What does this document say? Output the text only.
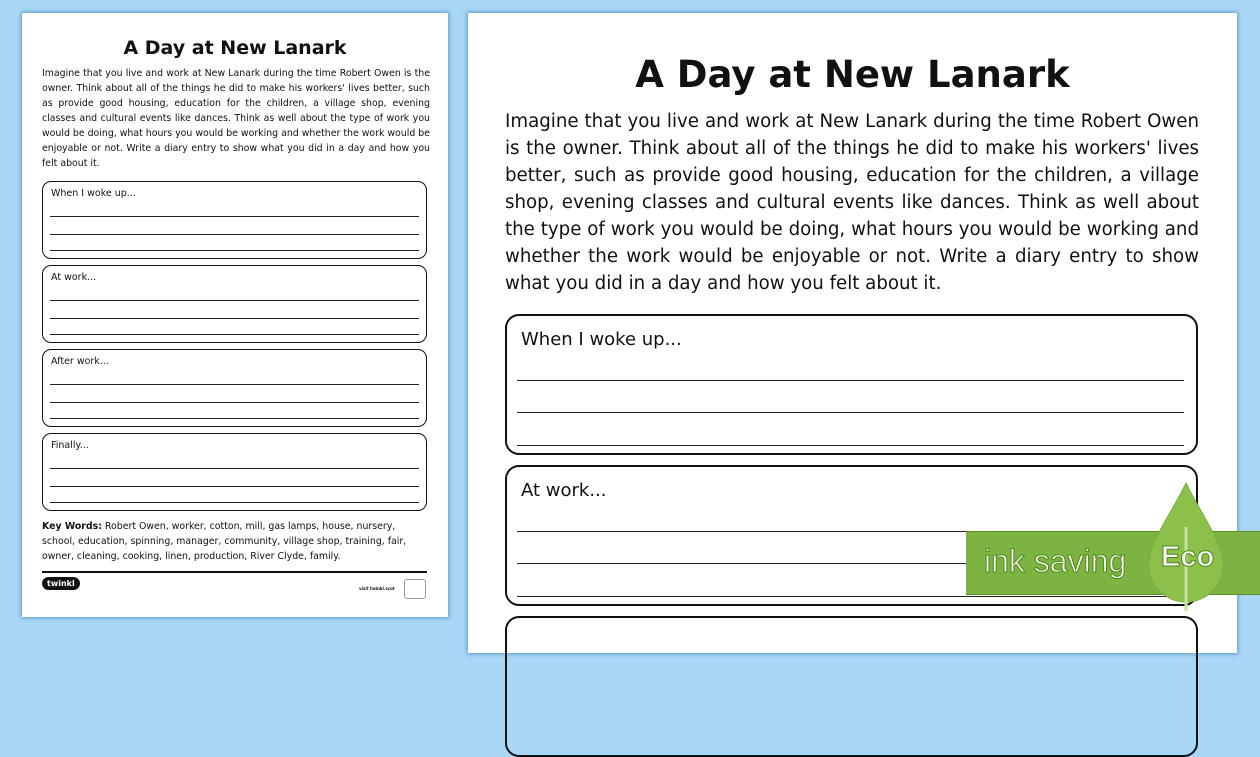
A Day at New Lanark
Imagine that you live and work at New Lanark during the time Robert Owen is the owner. Think about all of the things he did to make his workers' lives better, such as provide good housing, education for the children, a village shop, evening classes and cultural events like dances. Think as well about the type of work you would be doing, what hours you would be working and whether the work would be enjoyable or not. Write a diary entry to show what you did in a day and how you felt about it.
When I woke up...
At work...
After work...
Finally...
Key Words: Robert Owen, worker, cotton, mill, gas lamps, house, nursery, school, education, spinning, manager, community, village shop, training, fair, owner, cleaning, cooking, linen, production, River Clyde, family.
twinkl
visit twinkl.scot
A Day at New Lanark
Imagine that you live and work at New Lanark during the time Robert Owen is the owner. Think about all of the things he did to make his workers' lives better, such as provide good housing, education for the children, a village shop, evening classes and cultural events like dances. Think as well about the type of work you would be doing, what hours you would be working and whether the work would be enjoyable or not. Write a diary entry to show what you did in a day and how you felt about it.
When I woke up...
At work...
ink saving Eco
